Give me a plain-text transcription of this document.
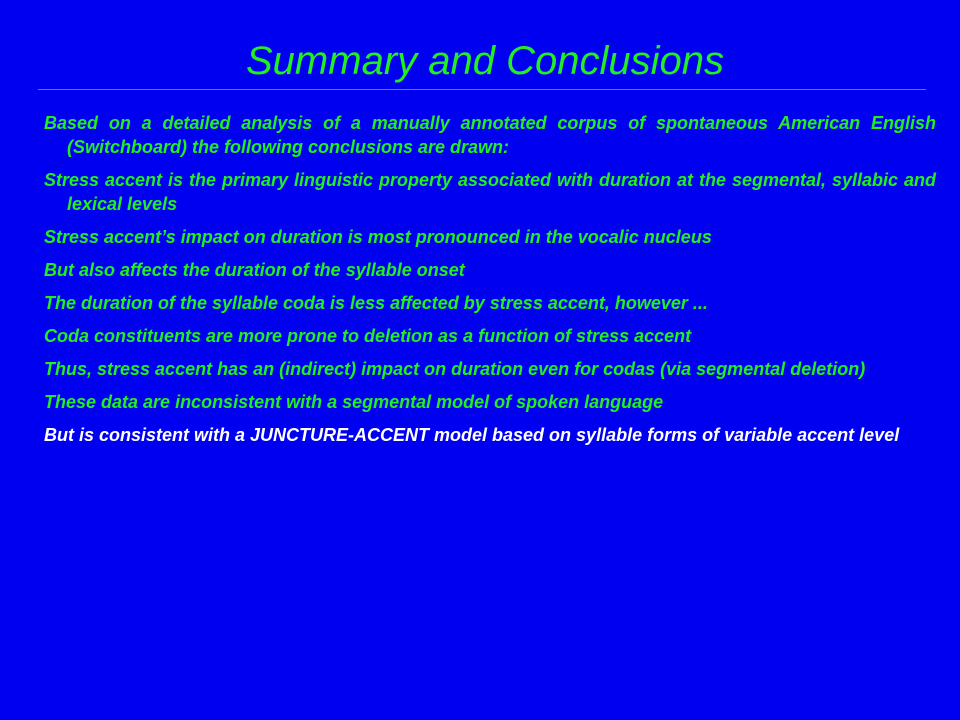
Summary and Conclusions
Based on a detailed analysis of a manually annotated corpus of spontaneous American English (Switchboard) the following conclusions are drawn:
Stress accent is the primary linguistic property associated with duration at the segmental, syllabic and lexical levels
Stress accent’s impact on duration is most pronounced in the vocalic nucleus
But also affects the duration of the syllable onset
The duration of the syllable coda is less affected by stress accent, however ...
Coda constituents are more prone to deletion as a function of stress accent
Thus, stress accent has an (indirect) impact on duration even for codas (via segmental deletion)
These data are inconsistent with a segmental model of spoken language
But is consistent with a JUNCTURE-ACCENT model based on syllable forms of variable accent level
